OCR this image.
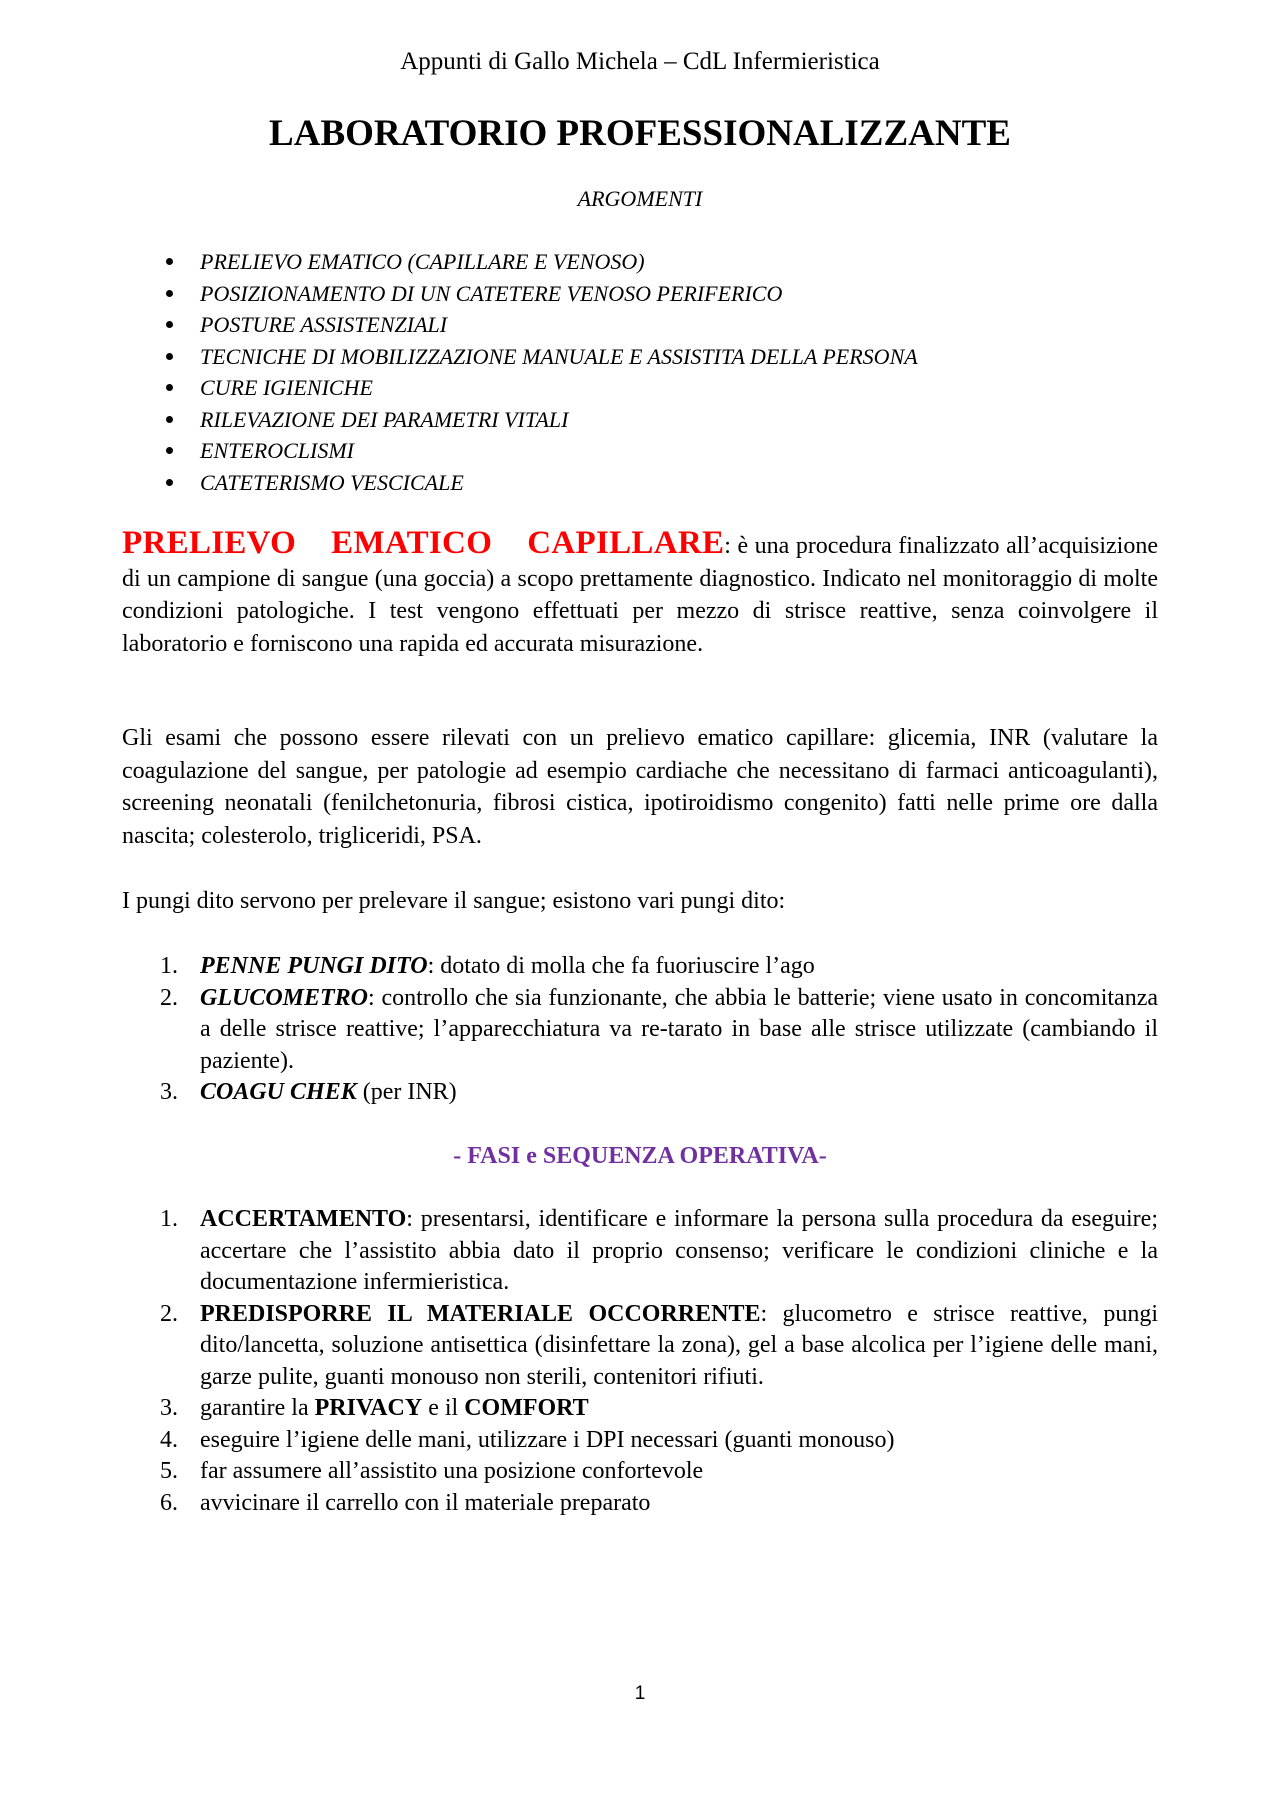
Appunti di Gallo Michela – CdL Infermieristica
LABORATORIO PROFESSIONALIZZANTE
ARGOMENTI
PRELIEVO EMATICO (CAPILLARE E VENOSO)
POSIZIONAMENTO DI UN CATETERE VENOSO PERIFERICO
POSTURE ASSISTENZIALI
TECNICHE DI MOBILIZZAZIONE MANUALE E ASSISTITA DELLA PERSONA
CURE IGIENICHE
RILEVAZIONE DEI PARAMETRI VITALI
ENTEROCLISMI
CATETERISMO VESCICALE

PRELIEVO EMATICO CAPILLARE: è una procedura finalizzato all’acquisizione di un campione di sangue (una goccia) a scopo prettamente diagnostico. Indicato nel monitoraggio di molte condizioni patologiche. I test vengono effettuati per mezzo di strisce reattive, senza coinvolgere il laboratorio e forniscono una rapida ed accurata misurazione.

Gli esami che possono essere rilevati con un prelievo ematico capillare: glicemia, INR (valutare la coagulazione del sangue, per patologie ad esempio cardiache che necessitano di farmaci anticoagulanti), screening neonatali (fenilchetonuria, fibrosi cistica, ipotiroidismo congenito) fatti nelle prime ore dalla nascita; colesterolo, trigliceridi, PSA.

I pungi dito servono per prelevare il sangue; esistono vari pungi dito:

1. PENNE PUNGI DITO: dotato di molla che fa fuoriuscire l’ago
2. GLUCOMETRO: controllo che sia funzionante, che abbia le batterie; viene usato in concomitanza a delle strisce reattive; l’apparecchiatura va re-tarato in base alle strisce utilizzate (cambiando il paziente).
3. COAGU CHEK (per INR)
- FASI e SEQUENZA OPERATIVA-
1. ACCERTAMENTO: presentarsi, identificare e informare la persona sulla procedura da eseguire; accertare che l’assistito abbia dato il proprio consenso; verificare le condizioni cliniche e la documentazione infermieristica.
2. PREDISPORRE IL MATERIALE OCCORRENTE: glucometro e strisce reattive, pungi dito/lancetta, soluzione antisettica (disinfettare la zona), gel a base alcolica per l’igiene delle mani, garze pulite, guanti monouso non sterili, contenitori rifiuti.
3. garantire la PRIVACY e il COMFORT
4. eseguire l’igiene delle mani, utilizzare i DPI necessari (guanti monouso)
5. far assumere all’assistito una posizione confortevole
6. avvicinare il carrello con il materiale preparato
1
